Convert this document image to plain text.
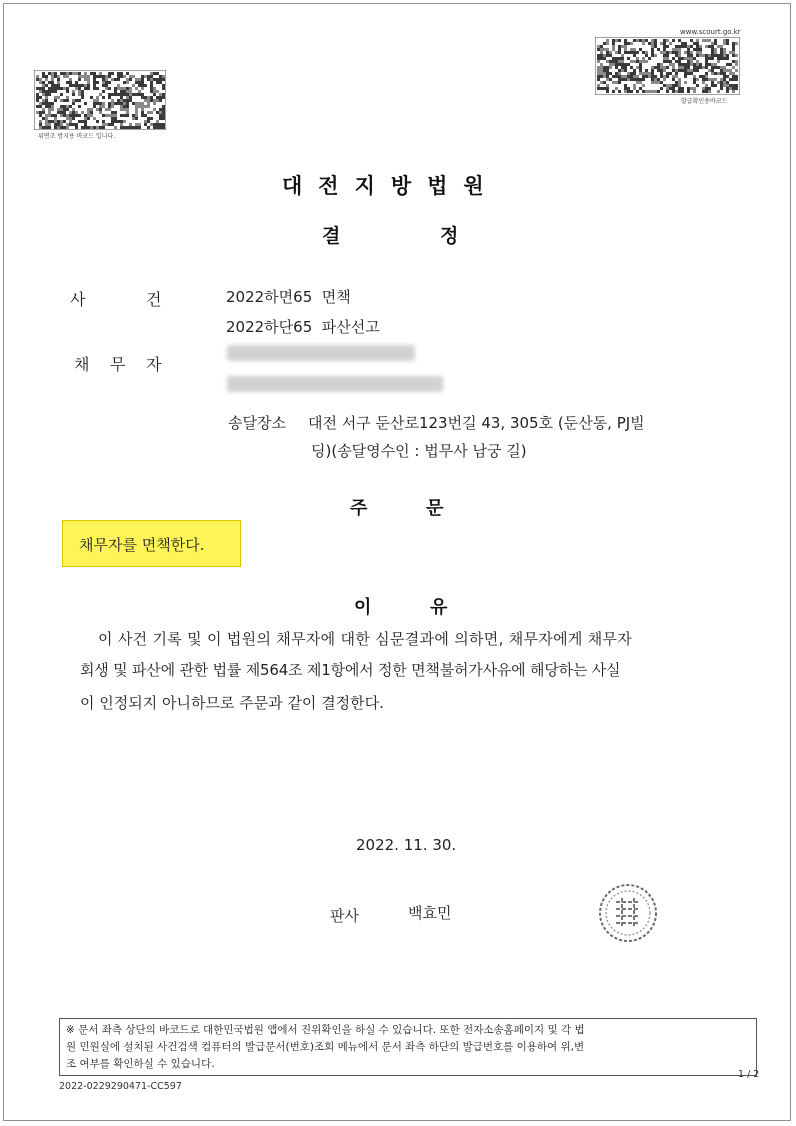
위변조 방지용 바코드 입니다.
www.scourt.go.kr
발급확인용바코드
대전지방법원
결	정
사	건	2022하면65  면책
2022하단65  파산선고
채 무 자
송달장소 대전 서구 둔산로123번길 43, 305호 (둔산동, PJ빌
딩)(송달영수인 : 법무사 남궁 길)
주	문
채무자를 면책한다.
이	유
이 사건 기록 및 이 법원의 채무자에 대한 심문결과에 의하면, 채무자에게 채무자
회생 및 파산에 관한 법률 제564조 제1항에서 정한 면책불허가사유에 해당하는 사실
이 인정되지 아니하므로 주문과 같이 결정한다.
2022. 11. 30.
판사	백효민
※ 문서 좌측 상단의 바코드로 대한민국법원 앱에서 진위확인을 하실 수 있습니다. 또한 전자소송홈페이지 및 각 법
원 민원실에 설치된 사건검색 컴퓨터의 발급문서(번호)조회 메뉴에서 문서 좌측 하단의 발급번호를 이용하여 위,변
조 여부를 확인하실 수 있습니다.
2022-0229290471-CC597
1 / 2
